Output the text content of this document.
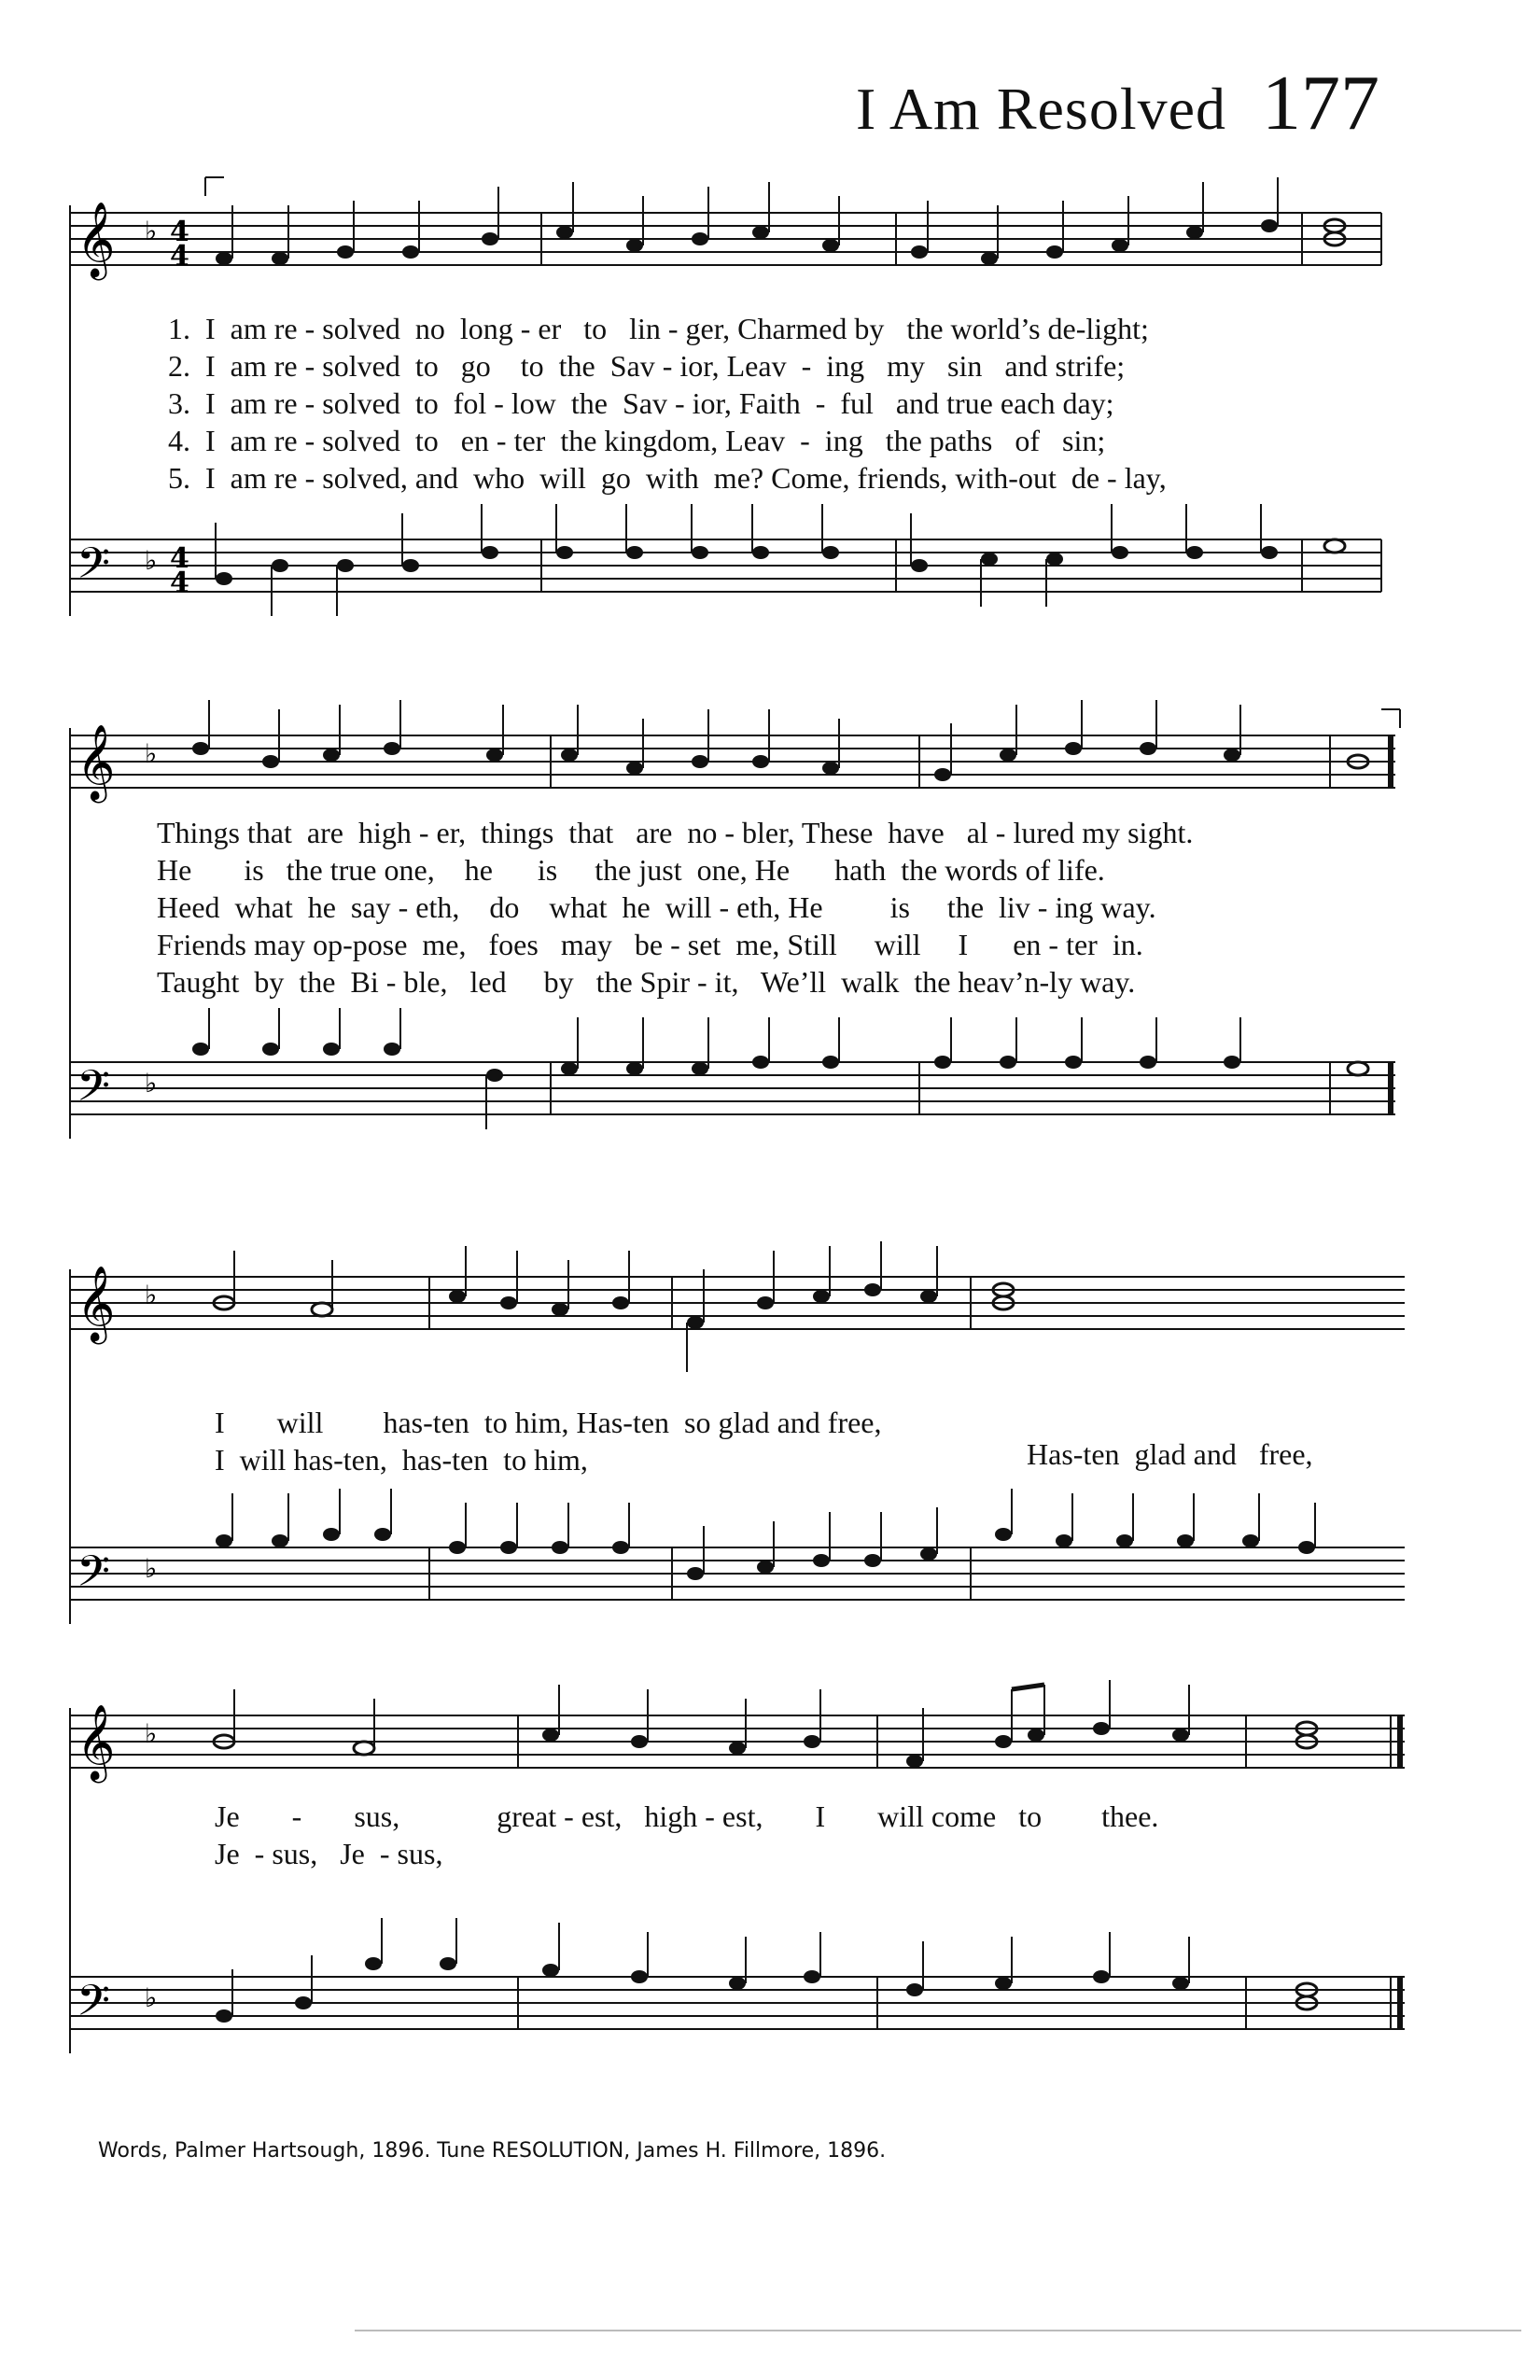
I Am Resolved 177
𝄞
𝄢
♭ 4
4
♭ 4
4
1. I  am re - solved  no  long - er   to   lin - ger, Charmed by   the world’s de-light;
2. I  am re - solved  to   go    to  the  Sav - ior, Leav  -  ing   my   sin   and strife;
3. I  am re - solved  to  fol - low  the  Sav - ior, Faith  -  ful   and true each day;
4. I  am re - solved  to   en - ter  the kingdom, Leav  -  ing   the paths   of   sin;
5. I  am re - solved, and  who  will  go  with  me? Come, friends, with-out  de - lay,
𝄞
𝄢
♭
♭
Things that  are  high - er,  things  that   are  no - bler, These  have   al - lured my sight.
He       is   the true one,    he      is     the just  one, He      hath  the words of life.
Heed  what  he  say - eth,    do    what  he  will - eth, He         is     the  liv - ing way.
Friends may op-pose  me,   foes   may   be - set  me, Still     will     I      en - ter  in.
Taught  by  the  Bi - ble,   led     by   the Spir - it,   We’ll  walk  the heav’n-ly way.
𝄞
𝄢
♭
♭
I       will        has-ten  to him, Has-ten  so glad and free,
I  will has-ten,  has-ten  to him,	Has-ten  glad and   free,
𝄞
𝄢
♭
♭
Je       -       sus,             great - est,   high - est,       I       will come   to        thee.
Je  - sus,   Je  - sus,
Words, Palmer Hartsough, 1896. Tune RESOLUTION, James H. Fillmore, 1896.
